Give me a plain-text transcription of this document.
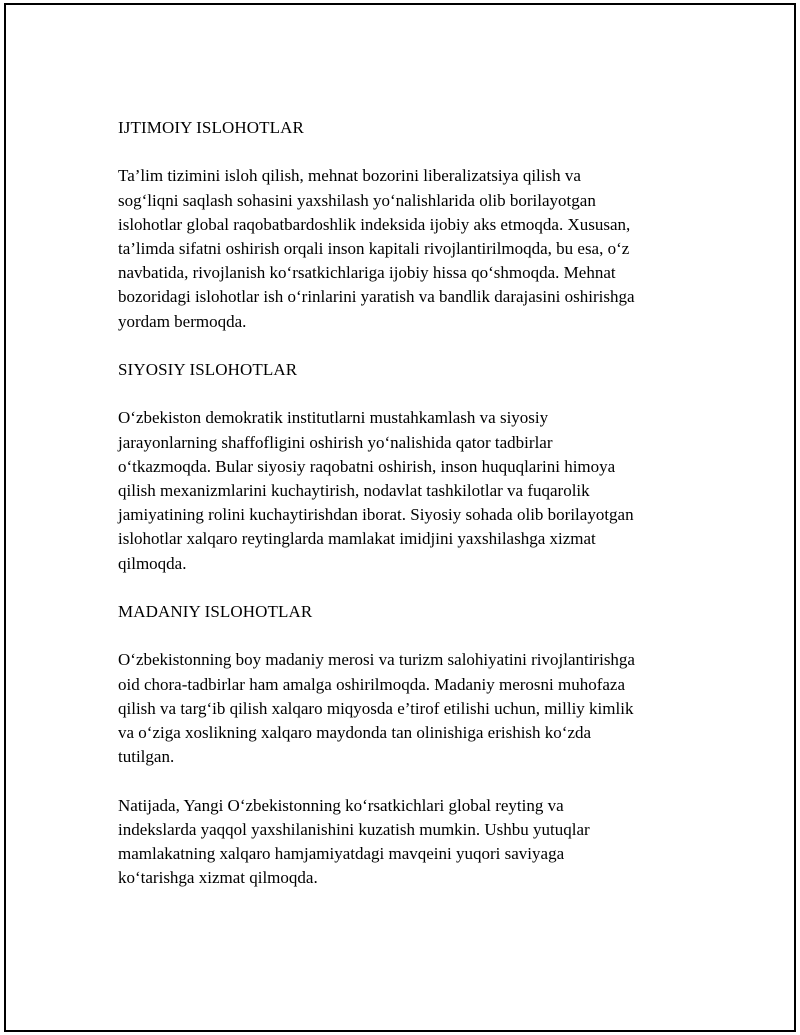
IJTIMOIY ISLOHOTLAR

Ta’lim tizimini isloh qilish, mehnat bozorini liberalizatsiya qilish va
sog‘liqni saqlash sohasini yaxshilash yo‘nalishlarida olib borilayotgan
islohotlar global raqobatbardoshlik indeksida ijobiy aks etmoqda. Xususan,
ta’limda sifatni oshirish orqali inson kapitali rivojlantirilmoqda, bu esa, o‘z
navbatida, rivojlanish ko‘rsatkichlariga ijobiy hissa qo‘shmoqda. Mehnat
bozoridagi islohotlar ish o‘rinlarini yaratish va bandlik darajasini oshirishga
yordam bermoqda.

SIYOSIY ISLOHOTLAR

O‘zbekiston demokratik institutlarni mustahkamlash va siyosiy
jarayonlarning shaffofligini oshirish yo‘nalishida qator tadbirlar
o‘tkazmoqda. Bular siyosiy raqobatni oshirish, inson huquqlarini himoya
qilish mexanizmlarini kuchaytirish, nodavlat tashkilotlar va fuqarolik
jamiyatining rolini kuchaytirishdan iborat. Siyosiy sohada olib borilayotgan
islohotlar xalqaro reytinglarda mamlakat imidjini yaxshilashga xizmat
qilmoqda.

MADANIY ISLOHOTLAR

O‘zbekistonning boy madaniy merosi va turizm salohiyatini rivojlantirishga
oid chora-tadbirlar ham amalga oshirilmoqda. Madaniy merosni muhofaza
qilish va targ‘ib qilish xalqaro miqyosda e’tirof etilishi uchun, milliy kimlik
va o‘ziga xoslikning xalqaro maydonda tan olinishiga erishish ko‘zda
tutilgan.

Natijada, Yangi O‘zbekistonning ko‘rsatkichlari global reyting va
indekslarda yaqqol yaxshilanishini kuzatish mumkin. Ushbu yutuqlar
mamlakatning xalqaro hamjamiyatdagi mavqeini yuqori saviyaga
ko‘tarishga xizmat qilmoqda.
